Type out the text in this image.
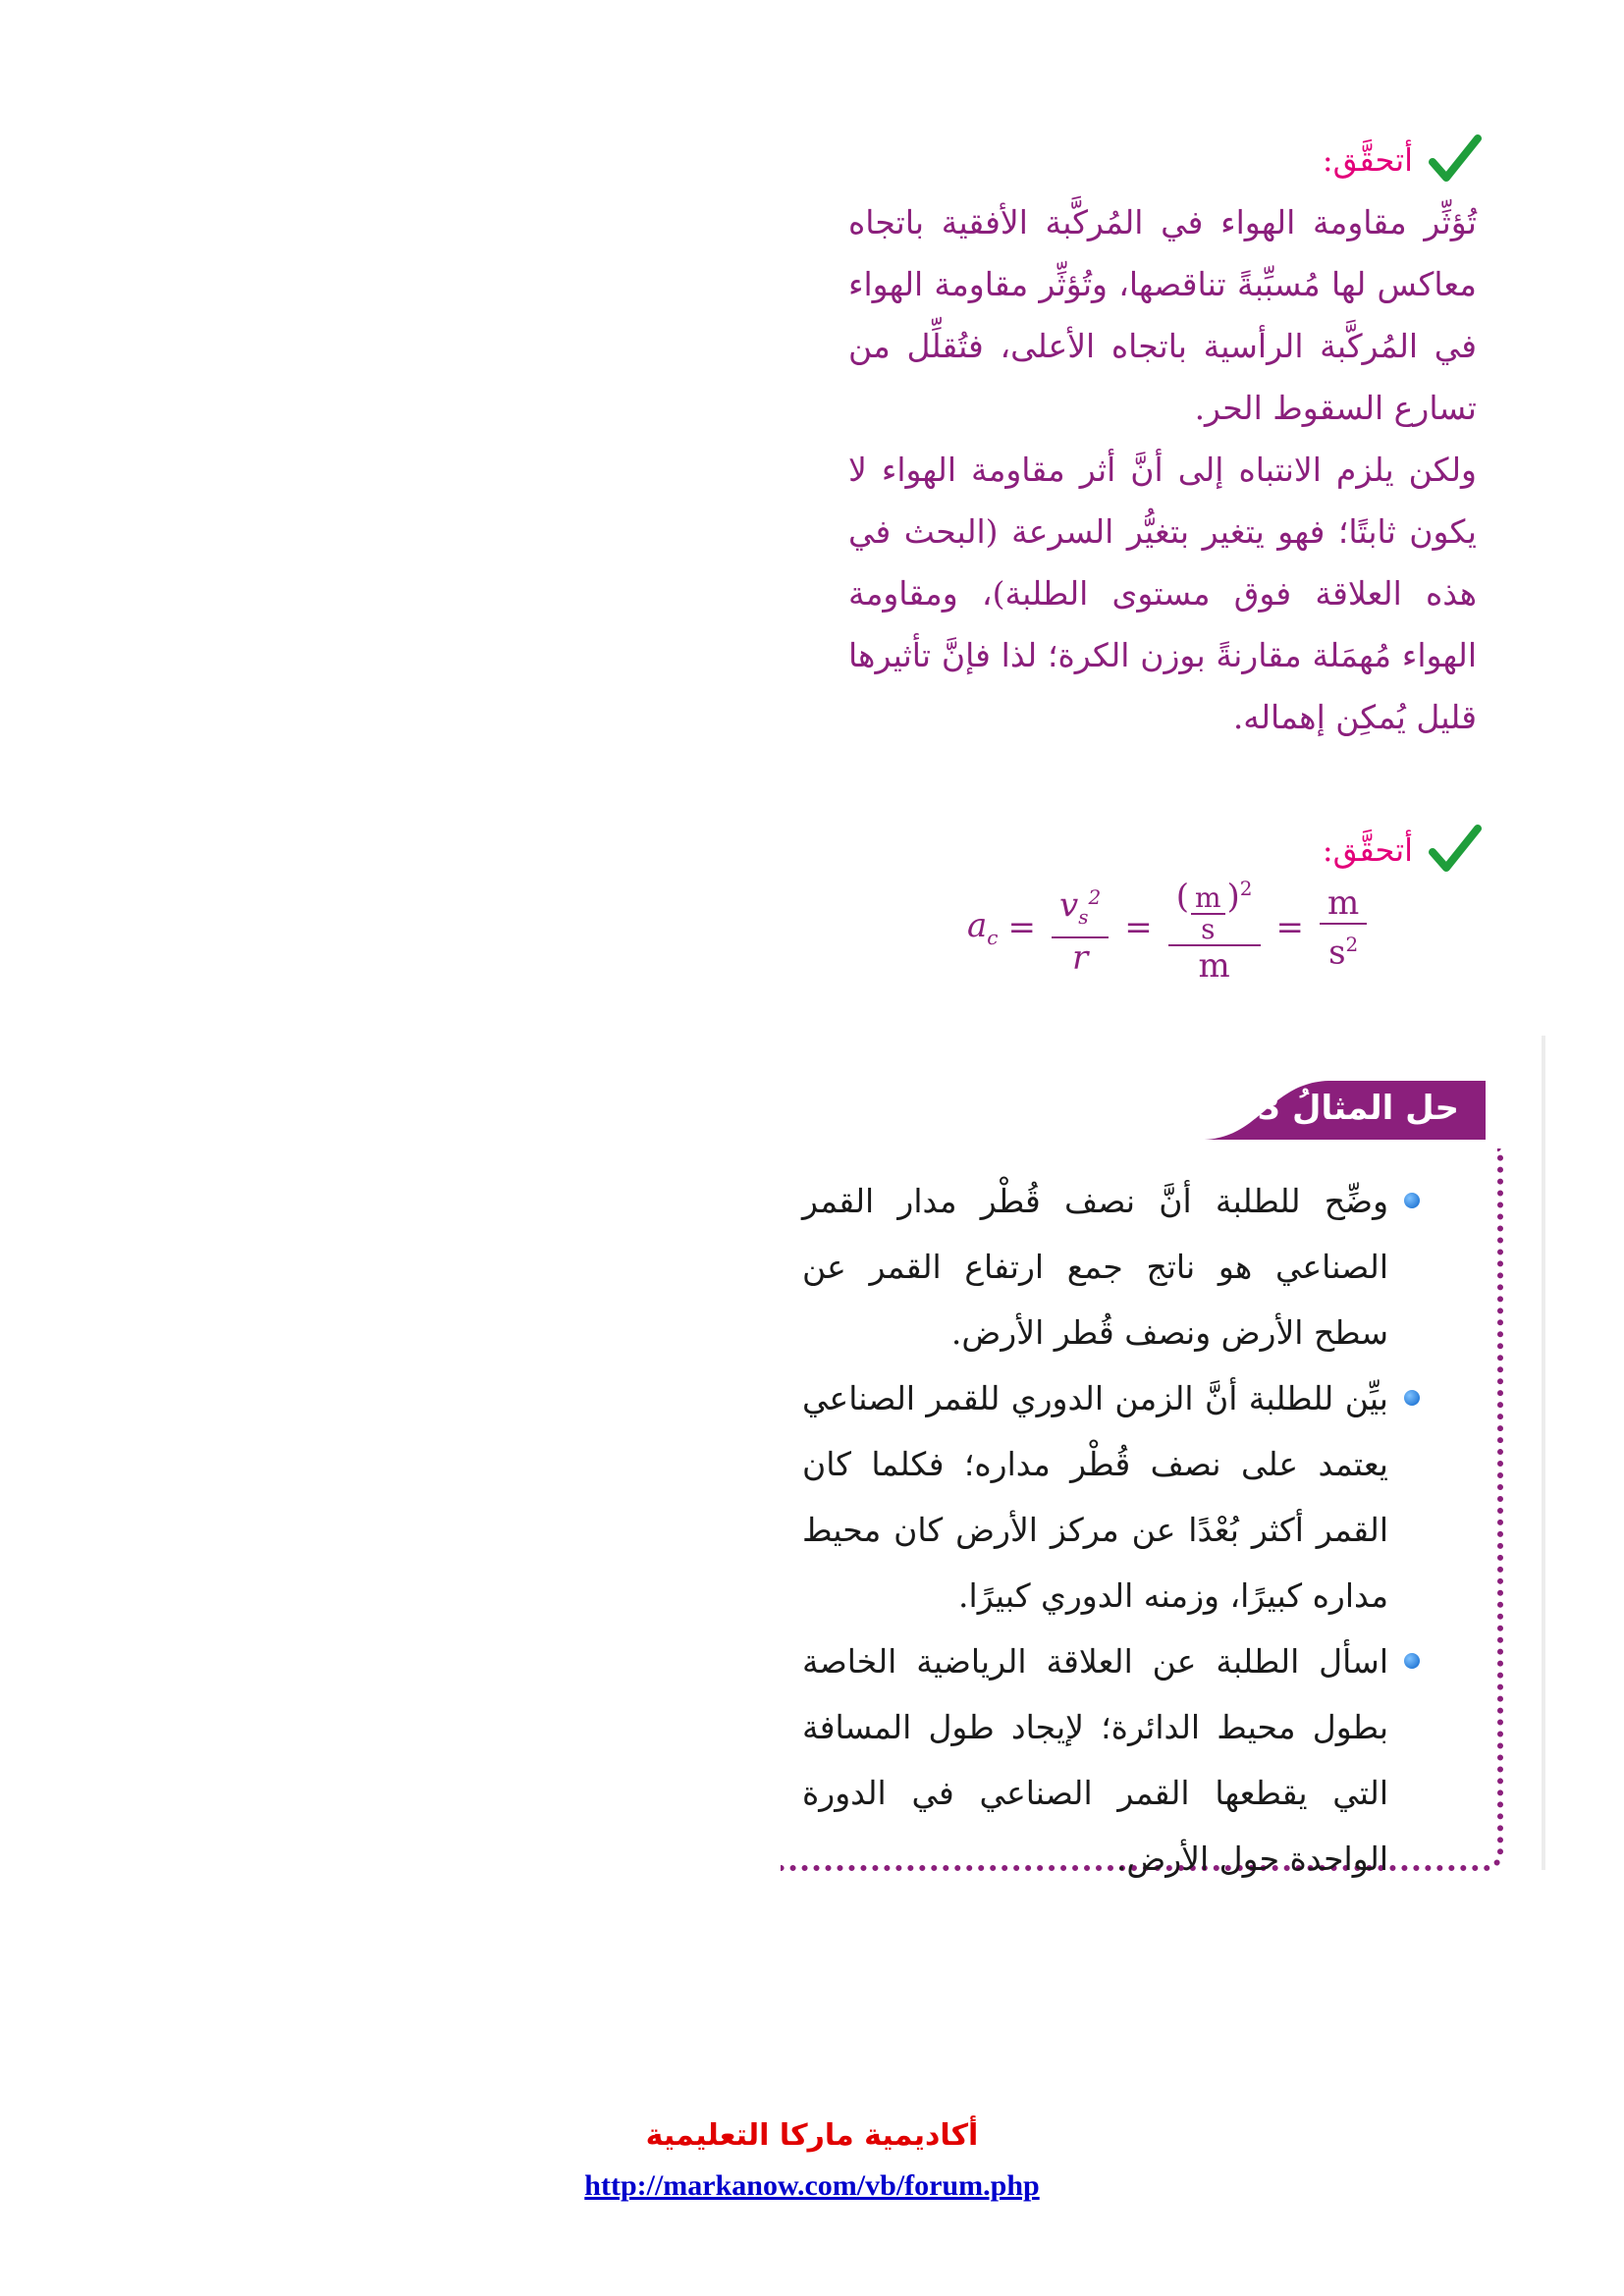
أتحقَّق:

تُؤثِّر مقاومة الهواء في المُركَّبة الأفقية باتجاه معاكس لها مُسبِّبةً تناقصها، وتُؤثِّر مقاومة الهواء في المُركَّبة الرأسية باتجاه الأعلى، فتُقلِّل من تسارع السقوط الحر.

ولكن يلزم الانتباه إلى أنَّ أثر مقاومة الهواء لا يكون ثابتًا؛ فهو يتغير بتغيُّر السرعة (البحث في هذه العلاقة فوق مستوى الطلبة)، ومقاومة الهواء مُهمَلة مقارنةً بوزن الكرة؛ لذا فإنَّ تأثيرها قليل يُمكِن إهماله.

أتحقَّق:
$a_c = \frac{v_s^2}{r} = \frac{( \frac{m}{s} )^2}{m} = \frac{m}{s^2}$
حل المثالُ 13
وضِّح للطلبة أنَّ نصف قُطْر مدار القمر الصناعي هو ناتج جمع ارتفاع القمر عن سطح الأرض ونصف قُطر الأرض.
بيِّن للطلبة أنَّ الزمن الدوري للقمر الصناعي يعتمد على نصف قُطْر مداره؛ فكلما كان القمر أكثر بُعْدًا عن مركز الأرض كان محيط مداره كبيرًا، وزمنه الدوري كبيرًا.
اسأل الطلبة عن العلاقة الرياضية الخاصة بطول محيط الدائرة؛ لإيجاد طول المسافة التي يقطعها القمر الصناعي في الدورة الواحدة حول الأرض.
أكاديمية ماركا التعليمية
http://markanow.com/vb/forum.php
